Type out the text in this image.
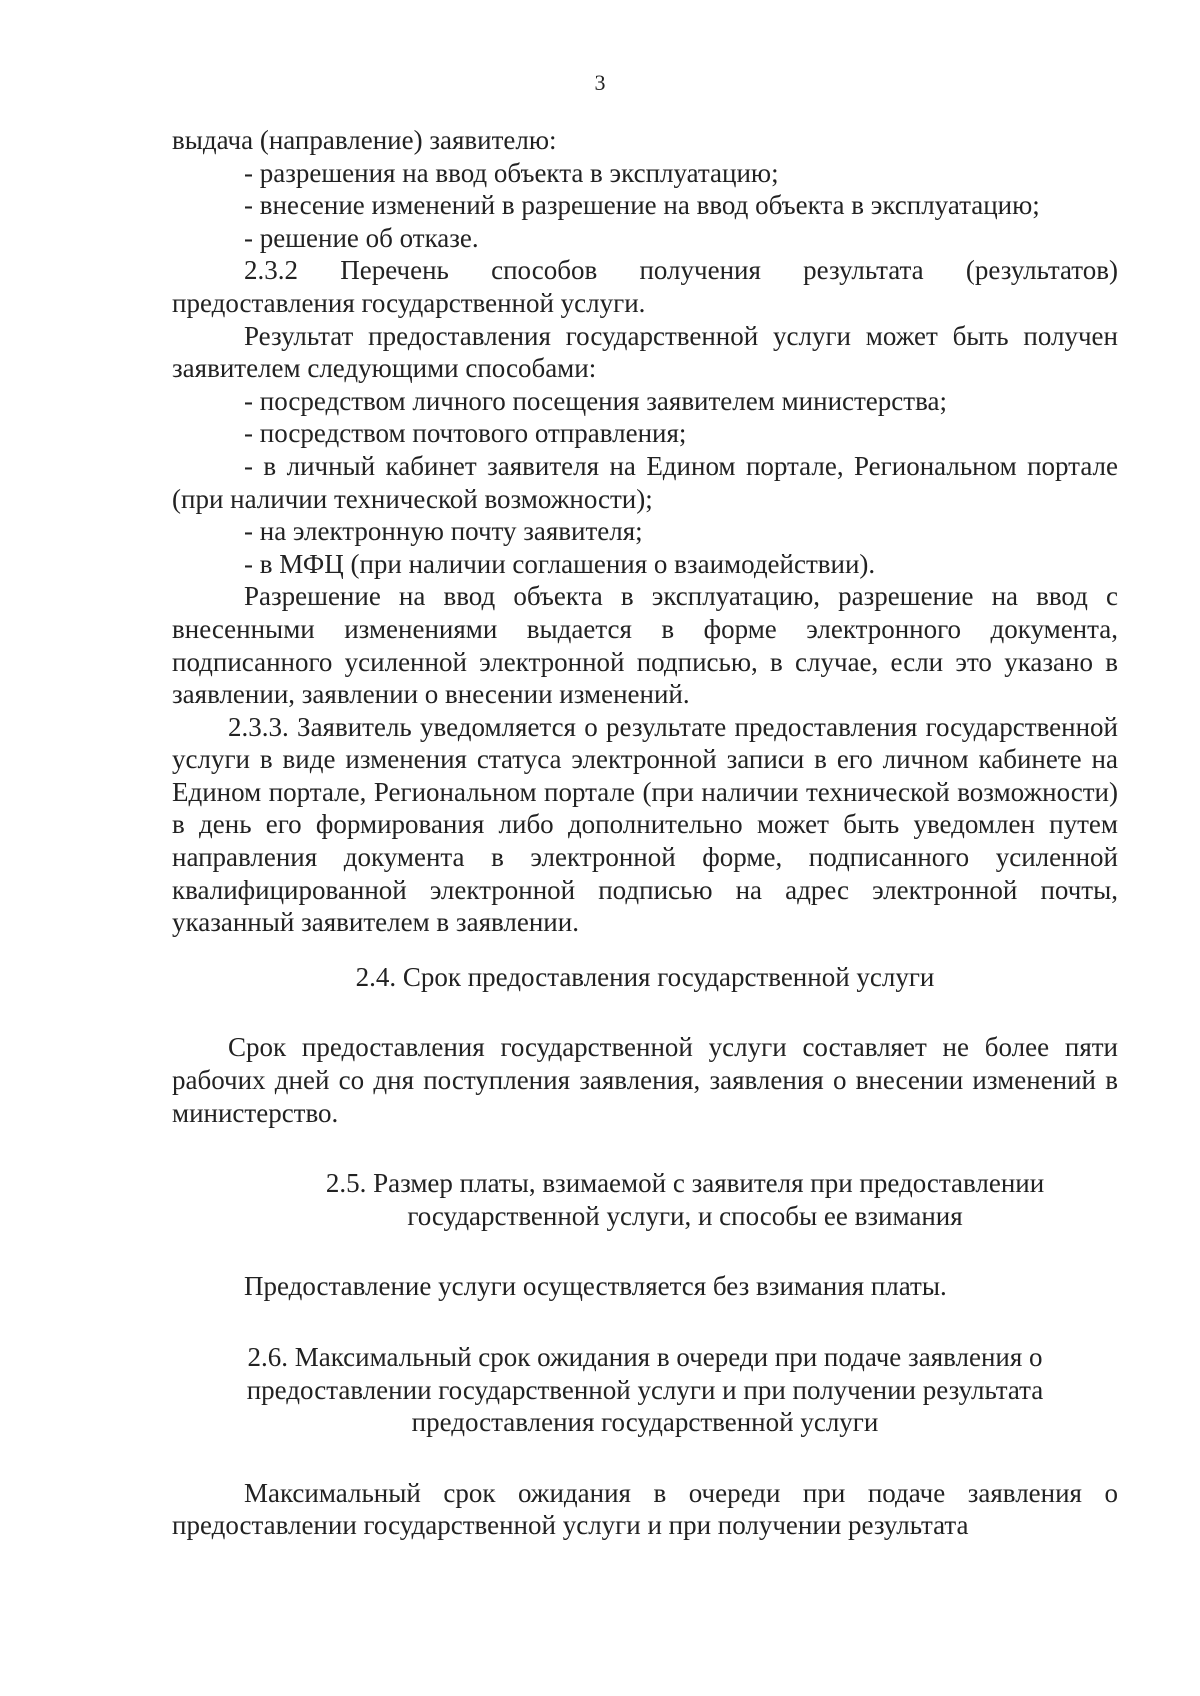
3

выдача (направление) заявителю:

- разрешения на ввод объекта в эксплуатацию;

- внесение изменений в разрешение на ввод объекта в эксплуатацию;

- решение об отказе.

2.3.2 Перечень способов получения результата (результатов) предоставления государственной услуги.

Результат предоставления государственной услуги может быть получен заявителем следующими способами:

- посредством личного посещения заявителем министерства;

- посредством почтового отправления;

- в личный кабинет заявителя на Едином портале, Региональном портале (при наличии технической возможности);

- на электронную почту заявителя;

- в МФЦ (при наличии соглашения о взаимодействии).

Разрешение на ввод объекта в эксплуатацию, разрешение на ввод с внесенными изменениями выдается в форме электронного документа, подписанного усиленной электронной подписью, в случае, если это указано в заявлении, заявлении о внесении изменений.

2.3.3. Заявитель уведомляется о результате предоставления государственной услуги в виде изменения статуса электронной записи в его личном кабинете на Едином портале, Региональном портале (при наличии технической возможности) в день его формирования либо дополнительно может быть уведомлен путем направления документа в электронной форме, подписанного усиленной квалифицированной электронной подписью на адрес электронной почты, указанный заявителем в заявлении.

2.4. Срок предоставления государственной услуги

Срок предоставления государственной услуги составляет не более пяти рабочих дней со дня поступления заявления, заявления о внесении изменений в министерство.

2.5. Размер платы, взимаемой с заявителя при предоставлении

государственной услуги, и способы ее взимания

Предоставление услуги осуществляется без взимания платы.

2.6. Максимальный срок ожидания в очереди при подаче заявления о

предоставлении государственной услуги и при получении результата

предоставления государственной услуги

Максимальный срок ожидания в очереди при подаче заявления о предоставлении государственной услуги и при получении результата
